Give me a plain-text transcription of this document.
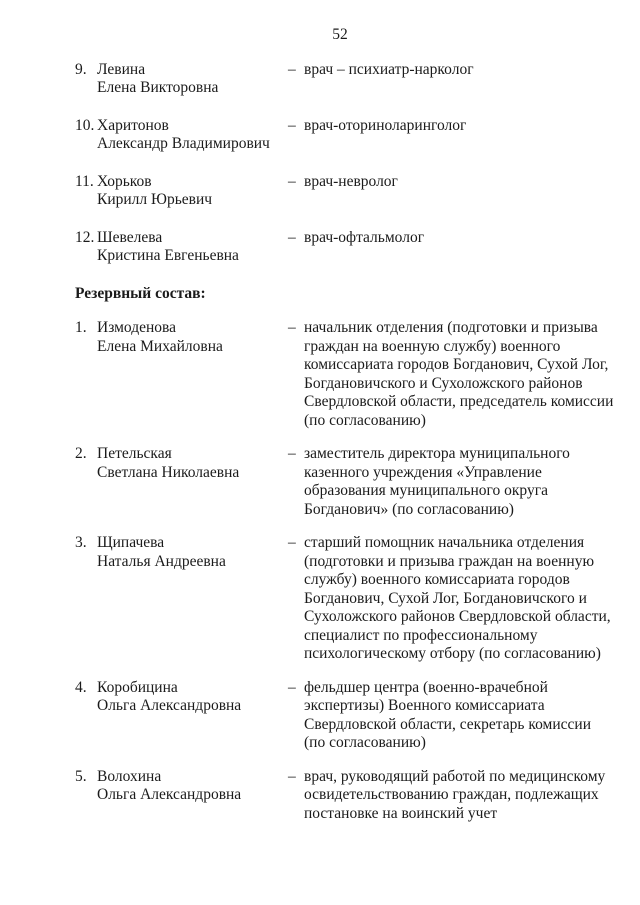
52
9. Левина
Елена Викторовна
– врач – психиатр-нарколог
10. Харитонов
Александр Владимирович
– врач-оториноларинголог
11. Хорьков
Кирилл Юрьевич
– врач-невролог
12. Шевелева
Кристина Евгеньевна
– врач-офтальмолог
Резервный состав:
1. Измоденова
Елена Михайловна
– начальник отделения (подготовки и призыва граждан на военную службу) военного комиссариата городов Богданович, Сухой Лог, Богдановичского и Сухоложского районов Свердловской области, председатель комиссии (по согласованию)
2. Петельская
Светлана Николаевна
– заместитель директора муниципального казенного учреждения «Управление образования муниципального округа Богданович» (по согласованию)
3. Щипачева
Наталья Андреевна
– старший помощник начальника отделения (подготовки и призыва граждан на военную службу) военного комиссариата городов Богданович, Сухой Лог, Богдановичского и Сухоложского районов Свердловской области, специалист по профессиональному психологическому отбору (по согласованию)
4. Коробицина
Ольга Александровна
– фельдшер центра (военно-врачебной экспертизы) Военного комиссариата Свердловской области, секретарь комиссии (по согласованию)
5. Волохина
Ольга Александровна
– врач, руководящий работой по медицинскому освидетельствованию граждан, подлежащих постановке на воинский учет
